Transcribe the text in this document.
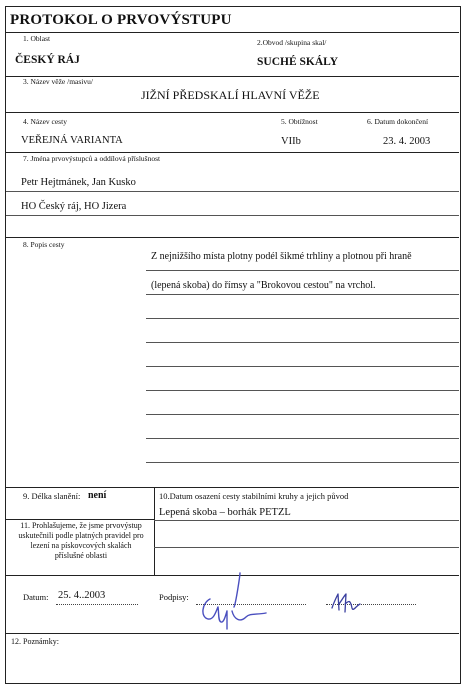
PROTOKOL O PRVOVÝSTUPU
1. Oblast	2.Obvod /skupina skal/
ČESKÝ RÁJ	SUCHÉ SKÁLY
3. Název věže /masivu/
JIŽNÍ PŘEDSKALÍ HLAVNÍ VĚŽE
4. Název cesty	5. Obtížnost	6. Datum dokončení
VEŘEJNÁ VARIANTA	VIIb	23. 4. 2003
7. Jména prvovýstupců a oddílová příslušnost
Petr Hejtmánek, Jan Kusko
HO Český ráj, HO Jizera
8. Popis cesty
Z nejnižšího místa plotny podél šikmé trhliny a plotnou při hraně
(lepená skoba) do římsy a "Brokovou cestou" na vrchol.
9. Délka slanění: není	10.Datum osazení cesty stabilními kruhy a jejich původ
Lepená skoba – borhák PETZL
11. Prohlašujeme, že jsme prvovýstup uskutečnili podle platných pravidel pro lezení na pískovcových skalách příslušné oblasti
Datum: 25. 4..2003	Podpisy:
12. Poznámky:
